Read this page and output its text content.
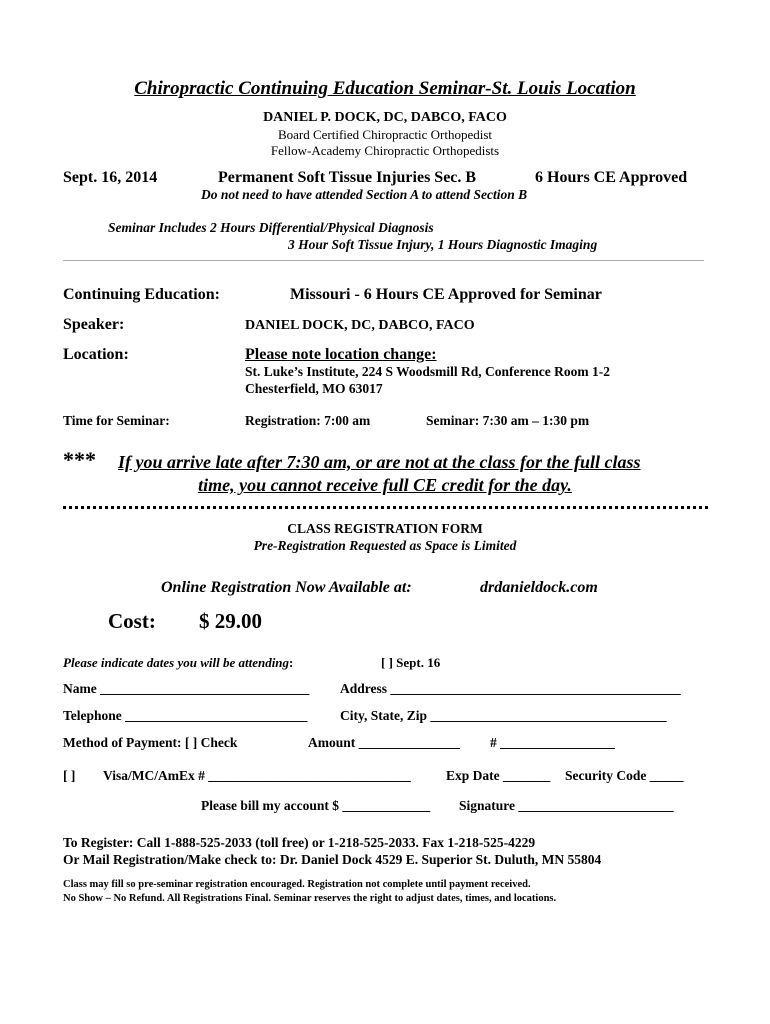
Chiropractic Continuing Education Seminar-St. Louis Location
DANIEL P. DOCK, DC, DABCO, FACO
Board Certified Chiropractic Orthopedist
Fellow-Academy Chiropractic Orthopedists
Sept. 16, 2014	Permanent Soft Tissue Injuries Sec. B	6 Hours CE Approved
Do not need to have attended Section A to attend Section B
Seminar Includes 2 Hours Differential/Physical Diagnosis
3 Hour Soft Tissue Injury, 1 Hours Diagnostic Imaging
Continuing Education:	Missouri - 6 Hours CE Approved for Seminar
Speaker:	DANIEL DOCK, DC, DABCO, FACO
Location:	Please note location change:
St. Luke’s Institute, 224 S Woodsmill Rd, Conference Room 1-2
Chesterfield, MO 63017
Time for Seminar:	Registration: 7:00 am	Seminar: 7:30 am – 1:30 pm
*** If you arrive late after 7:30 am, or are not at the class for the full class
time, you cannot receive full CE credit for the day.
CLASS REGISTRATION FORM
Pre-Registration Requested as Space is Limited
Online Registration Now Available at:	drdanieldock.com
Cost: $ 29.00
Please indicate dates you will be attending:	[ ] Sept. 16
Name _______________________________ Address ___________________________________________
Telephone ___________________________ City, State, Zip ___________________________________
Method of Payment: [ ] Check	Amount _______________ # _________________
[ ] Visa/MC/AmEx # ______________________________	Exp Date _______ Security Code _____
Please bill my account $ _____________ Signature _______________________
To Register: Call 1-888-525-2033 (toll free) or 1-218-525-2033. Fax 1-218-525-4229
Or Mail Registration/Make check to: Dr. Daniel Dock 4529 E. Superior St. Duluth, MN 55804
Class may fill so pre-seminar registration encouraged. Registration not complete until payment received.
No Show – No Refund. All Registrations Final. Seminar reserves the right to adjust dates, times, and locations.
